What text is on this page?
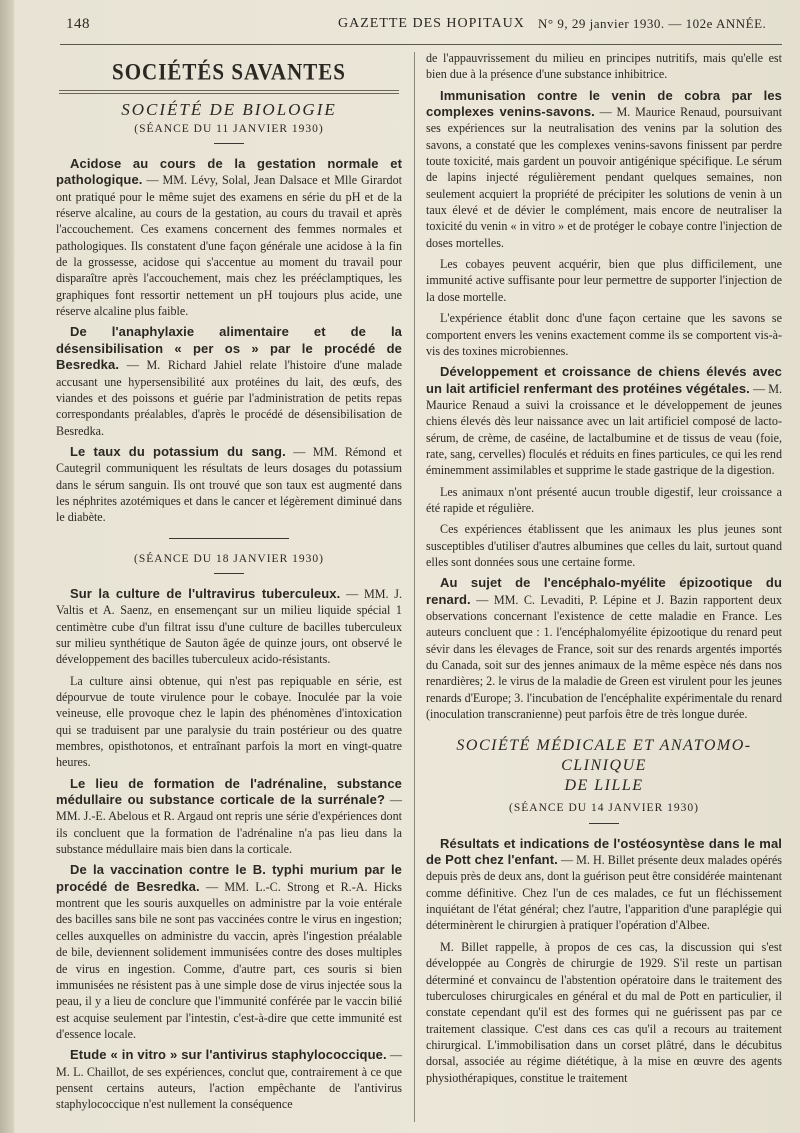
148	GAZETTE DES HOPITAUX N° 9, 29 janvier 1930. — 102e ANNÉE.
SOCIÉTÉS SAVANTES
SOCIÉTÉ DE BIOLOGIE
(SÉANCE DU 11 JANVIER 1930)

Acidose au cours de la gestation normale et pathologique. — MM. Lévy, Solal, Jean Dalsace et Mlle Girardot ont pratiqué pour le même sujet des examens en série du pH et de la réserve alcaline, au cours de la gestation, au cours du travail et après l'accouchement. Ces examens concernent des femmes normales et pathologiques. Ils constatent d'une façon générale une acidose à la fin de la grossesse, acidose qui s'accentue au moment du travail pour disparaître après l'accouchement, mais chez les prééclamptiques, les graphiques font ressortir nettement un pH toujours plus acide, une réserve alcaline plus faible.

De l'anaphylaxie alimentaire et de la désensibilisation « per os » par le procédé de Besredka. — M. Richard Jahiel relate l'histoire d'une malade accusant une hypersensibilité aux protéines du lait, des œufs, des viandes et des poissons et guérie par l'administration de petits repas correspondants préalables, d'après le procédé de désensibilisation de Besredka.

Le taux du potassium du sang. — MM. Rémond et Cautegril communiquent les résultats de leurs dosages du potassium dans le sérum sanguin. Ils ont trouvé que son taux est augmenté dans les néphrites azotémiques et dans le cancer et légèrement diminué dans le diabète.

(SÉANCE DU 18 JANVIER 1930)

Sur la culture de l'ultravirus tuberculeux. — MM. J. Valtis et A. Saenz, en ensemençant sur un milieu liquide spécial 1 centimètre cube d'un filtrat issu d'une culture de bacilles tuberculeux sur milieu synthétique de Sauton âgée de quinze jours, ont observé le développement des bacilles tuberculeux acido-résistants.

La culture ainsi obtenue, qui n'est pas repiquable en série, est dépourvue de toute virulence pour le cobaye. Inoculée par la voie veineuse, elle provoque chez le lapin des phénomènes d'intoxication qui se traduisent par une paralysie du train postérieur ou des quatre membres, opisthotonos, et entraînant parfois la mort en vingt-quatre heures.

Le lieu de formation de l'adrénaline, substance médullaire ou substance corticale de la surrénale? — MM. J.-E. Abelous et R. Argaud ont repris une série d'expériences dont ils concluent que la formation de l'adrénaline n'a pas lieu dans la substance médullaire mais bien dans la corticale.

De la vaccination contre le B. typhi murium par le procédé de Besredka. — MM. L.-C. Strong et R.-A. Hicks montrent que les souris auxquelles on administre par la voie entérale des bacilles sans bile ne sont pas vaccinées contre le virus en ingestion; celles auxquelles on administre du vaccin, après l'ingestion préalable de bile, deviennent solidement immunisées contre des doses multiples de virus en ingestion. Comme, d'autre part, ces souris si bien immunisées ne résistent pas à une simple dose de virus injectée sous la peau, il y a lieu de conclure que l'immunité conférée par le vaccin bilié est acquise seulement par l'intestin, c'est-à-dire que cette immunité est d'essence locale.

Etude « in vitro » sur l'antivirus staphylococcique. — M. L. Chaillot, de ses expériences, conclut que, contrairement à ce que pensent certains auteurs, l'action empêchante de l'antivirus staphylococcique n'est nullement la conséquence

de l'appauvrissement du milieu en principes nutritifs, mais qu'elle est bien due à la présence d'une substance inhibitrice.

Immunisation contre le venin de cobra par les complexes venins-savons. — M. Maurice Renaud, poursuivant ses expériences sur la neutralisation des venins par la solution des savons, a constaté que les complexes venins-savons finissent par perdre toute toxicité, mais gardent un pouvoir antigénique spécifique. Le sérum de lapins injecté régulièrement pendant quelques semaines, non seulement acquiert la propriété de précipiter les solutions de venin à un taux élevé et de dévier le complément, mais encore de neutraliser la toxicité du venin « in vitro » et de protéger le cobaye contre l'injection de doses mortelles.

Les cobayes peuvent acquérir, bien que plus difficilement, une immunité active suffisante pour leur permettre de supporter l'injection de la dose mortelle.

L'expérience établit donc d'une façon certaine que les savons se comportent envers les venins exactement comme ils se comportent vis-à-vis des toxines microbiennes.

Développement et croissance de chiens élevés avec un lait artificiel renfermant des protéines végétales. — M. Maurice Renaud a suivi la croissance et le développement de jeunes chiens élevés dès leur naissance avec un lait artificiel composé de lacto-sérum, de crème, de caséine, de lactalbumine et de tissus de veau (foie, rate, sang, cervelles) floculés et réduits en fines particules, ce qui les rend éminemment assimilables et supprime le stade gastrique de la digestion.

Les animaux n'ont présenté aucun trouble digestif, leur croissance a été rapide et régulière.

Ces expériences établissent que les animaux les plus jeunes sont susceptibles d'utiliser d'autres albumines que celles du lait, surtout quand elles sont données sous une certaine forme.

Au sujet de l'encéphalo-myélite épizootique du renard. — MM. C. Levaditi, P. Lépine et J. Bazin rapportent deux observations concernant l'existence de cette maladie en France. Les auteurs concluent que : 1. l'encéphalomyélite épizootique du renard peut sévir dans les élevages de France, soit sur des renards argentés importés du Canada, soit sur des jennes animaux de la même espèce nés dans nos renardières; 2. le virus de la maladie de Green est virulent pour les jeunes renards d'Europe; 3. l'incubation de l'encéphalite expérimentale du renard (inoculation transcranienne) peut parfois être de très longue durée.

SOCIÉTÉ MÉDICALE ET ANATOMO-CLINIQUE
DE LILLE
(SÉANCE DU 14 JANVIER 1930)

Résultats et indications de l'ostéosyntèse dans le mal de Pott chez l'enfant. — M. H. Billet présente deux malades opérés depuis près de deux ans, dont la guérison peut être considérée maintenant comme définitive. Chez l'un de ces malades, ce fut un fléchissement inquiétant de l'état général; chez l'autre, l'apparition d'une paraplégie qui déterminèrent le chirurgien à pratiquer l'opération d'Albee.

M. Billet rappelle, à propos de ces cas, la discussion qui s'est développée au Congrès de chirurgie de 1929. S'il reste un partisan déterminé et convaincu de l'abstention opératoire dans le traitement des tuberculoses chirurgicales en général et du mal de Pott en particulier, il constate cependant qu'il est des formes qui ne guérissent pas par ce traitement classique. C'est dans ces cas qu'il a recours au traitement chirurgical. L'immobilisation dans un corset plâtré, dans le décubitus dorsal, associée au régime diététique, à la mise en œuvre des agents physiothérapiques, constitue le traitement
